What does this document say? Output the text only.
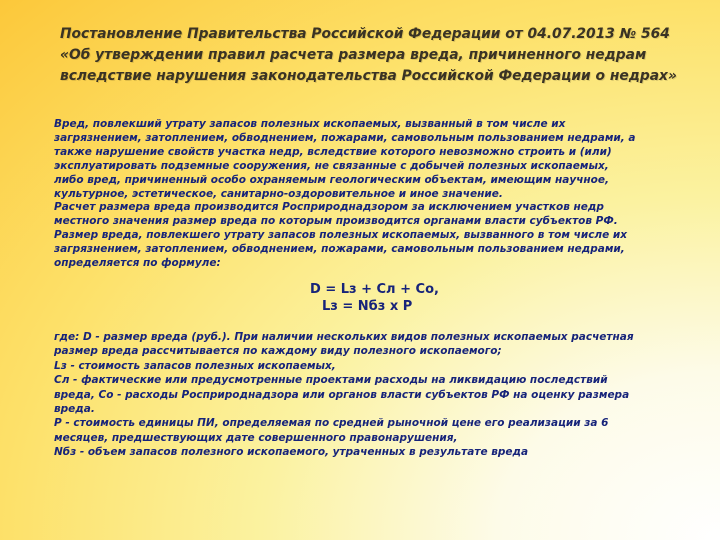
Постановление Правительства Российской Федерации от 04.07.2013 № 564
«Об утверждении правил расчета размера вреда, причиненного недрам
вследствие нарушения законодательства Российской Федерации о недрах»
Вред, повлекший утрату запасов полезных ископаемых, вызванный в том числе их
загрязнением, затоплением, обводнением, пожарами, самовольным пользованием недрами, а
также нарушение свойств участка недр, вследствие которого невозможно строить и (или)
эксплуатировать подземные сооружения, не связанные с добычей полезных ископаемых,
либо вред, причиненный особо охраняемым геологическим объектам, имеющим научное,
культурное, эстетическое, санитарно-оздоровительное и иное значение.
Расчет размера вреда производится Росприроднадзором за исключением участков недр
местного значения размер вреда по которым производится органами власти субъектов РФ.
Размер вреда, повлекшего утрату запасов полезных ископаемых, вызванного в том числе их
загрязнением, затоплением, обводнением, пожарами, самовольным пользованием недрами,
определяется по формуле:
D = Lз + Cл + Co,
Lз = Nбз х Р
где: D - размер вреда (руб.). При наличии нескольких видов полезных ископаемых расчетная
размер вреда рассчитывается по каждому виду полезного ископаемого;
Lз - стоимость запасов полезных ископаемых,
Cл - фактические или предусмотренные проектами расходы на ликвидацию последствий
вреда, Co - расходы Росприроднадзора или органов власти субъектов РФ на оценку размера
вреда.
Р - стоимость единицы ПИ, определяемая по средней рыночной цене его реализации за 6
месяцев, предшествующих дате совершенного правонарушения,
Nбз - объем запасов полезного ископаемого, утраченных в результате вреда
